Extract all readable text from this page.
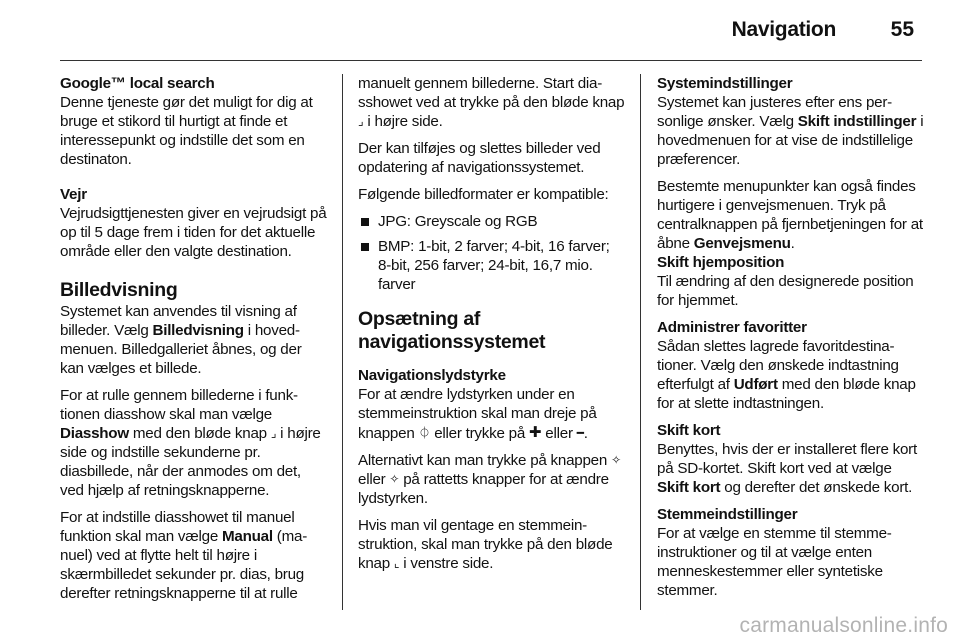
Navigation	55

Google™ local search

Denne tjeneste gør det muligt for dig at bruge et stikord til hurtigt at finde et interessepunkt og indstille det som en destinaton.

Vejr

Vejrudsigttjenesten giver en vejrudsigt på op til 5 dage frem i tiden for det aktuelle område eller den valgte destination.

Billedvisning

Systemet kan anvendes til visning af billeder. Vælg Billedvisning i hovedmenuen. Billedgalleriet åbnes, og der kan vælges et billede.

For at rulle gennem billederne i funktionen diasshow skal man vælge Diasshow med den bløde knap ⌟ i højre side og indstille sekunderne pr. diasbillede, når der anmodes om det, ved hjælp af retningsknapperne.

For at indstille diasshowet til manuel funktion skal man vælge Manual (manuel) ved at flytte helt til højre i skærmbilledet sekunder pr. dias, brug derefter retningsknapperne til at rulle

manuelt gennem billederne. Start diasshowet ved at trykke på den bløde knap ⌟ i højre side.

Der kan tilføjes og slettes billeder ved opdatering af navigationssystemet.

Følgende billedformater er kompatible:

JPG: Greyscale og RGB

BMP: 1-bit, 2 farver; 4-bit, 16 farver; 8-bit, 256 farver; 24-bit, 16,7 mio. farver

Opsætning af navigationssystemet

Navigationslydstyrke

For at ændre lydstyrken under en stemmeinstruktion skal man dreje på knappen ⏀ eller trykke på ✚ eller ━.

Alternativt kan man trykke på knappen ✧ eller ✧ på rattetts knapper for at ændre lydstyrken.

Hvis man vil gentage en stemmeinstruktion, skal man trykke på den bløde knap ⌞ i venstre side.

Systemindstillinger

Systemet kan justeres efter ens personlige ønsker. Vælg Skift indstillinger i hovedmenuen for at vise de indstillelige præferencer.

Bestemte menupunkter kan også findes hurtigere i genvejsmenuen. Tryk på centralknappen på fjernbetjeningen for at åbne Genvejsmenu.

Skift hjemposition

Til ændring af den designerede position for hjemmet.

Administrer favoritter

Sådan slettes lagrede favoritdestinationer. Vælg den ønskede indtastning efterfulgt af Udført med den bløde knap for at slette indtastningen.

Skift kort

Benyttes, hvis der er installeret flere kort på SD-kortet. Skift kort ved at vælge Skift kort og derefter det ønskede kort.

Stemmeindstillinger

For at vælge en stemme til stemmeinstruktioner og til at vælge enten menneskestemmer eller syntetiske stemmer.

carmanualsonline.info
